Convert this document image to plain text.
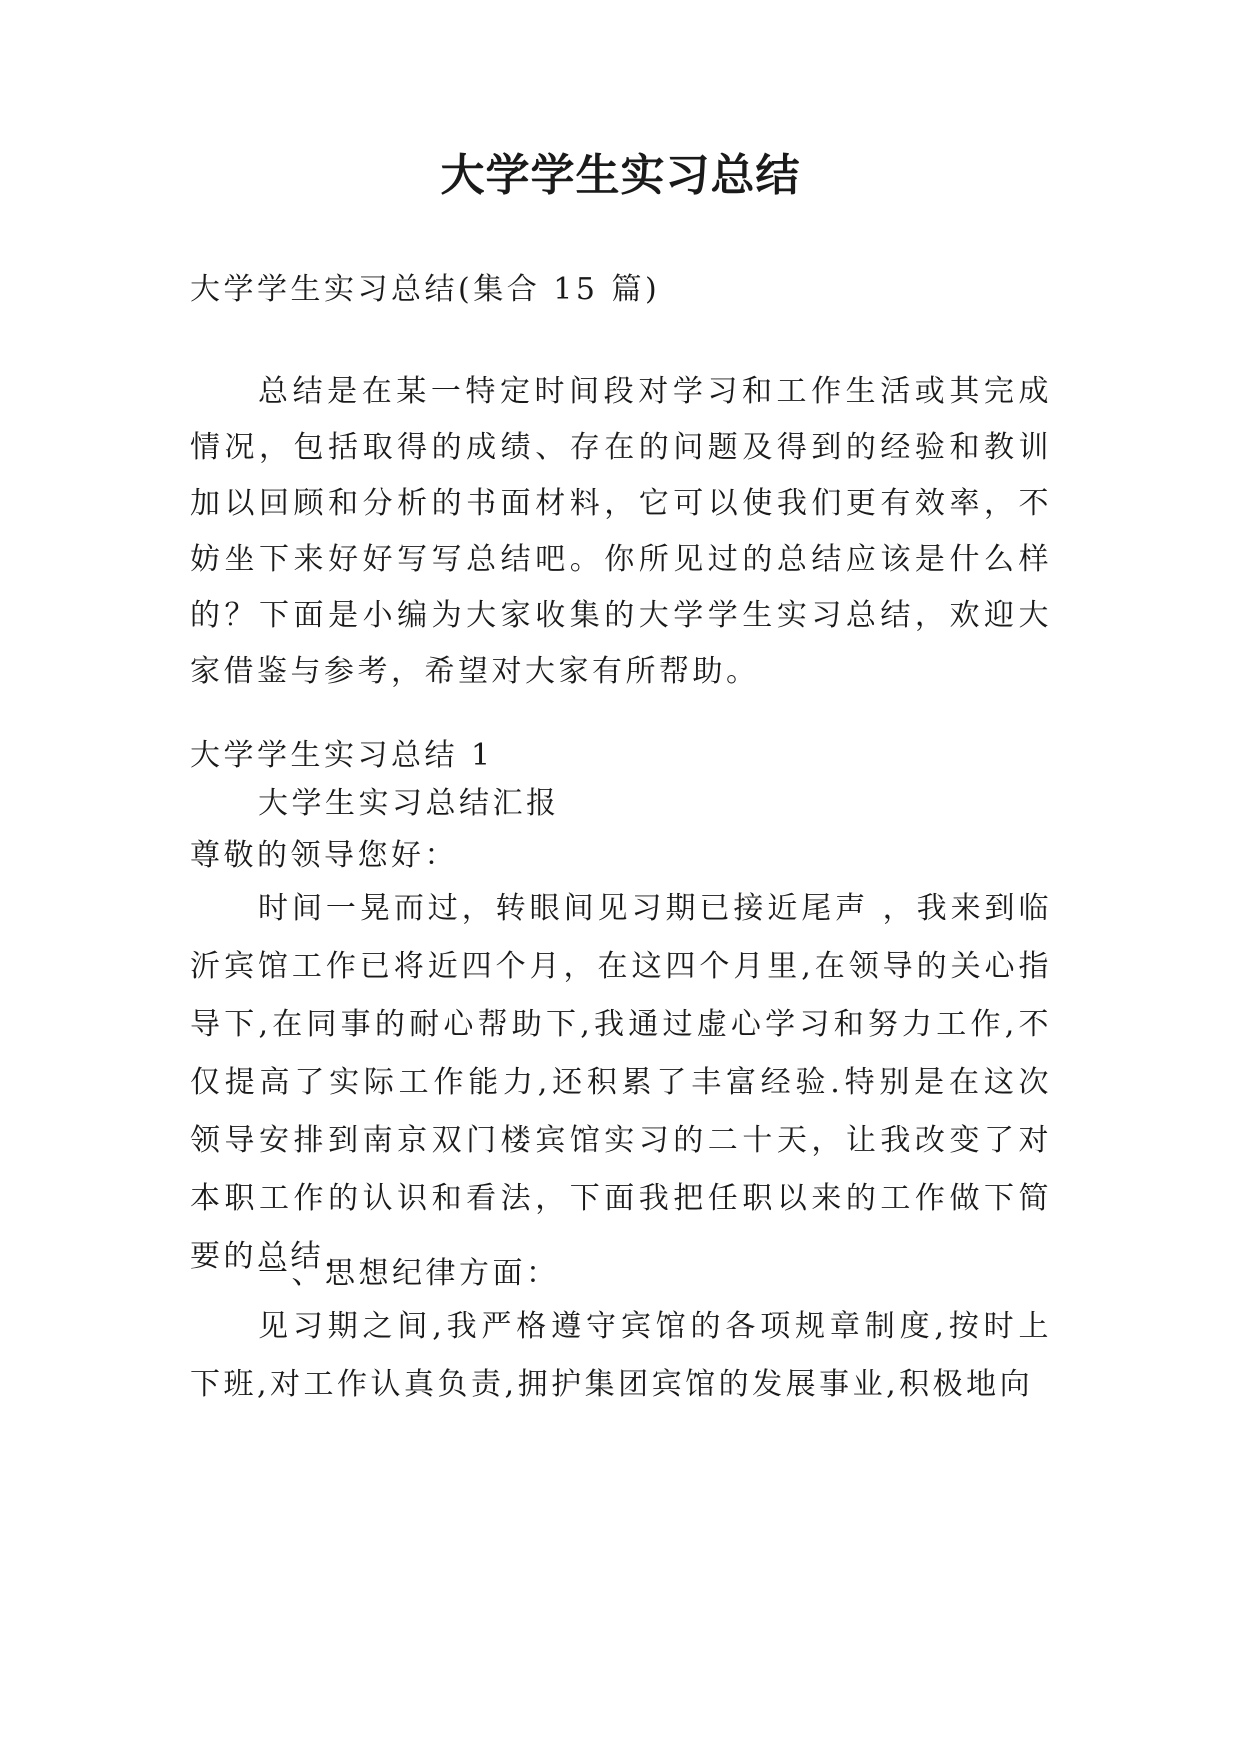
大学学生实习总结

大学学生实习总结(集合 15 篇)

总结是在某一特定时间段对学习和工作生活或其完成情况，包括取得的成绩、存在的问题及得到的经验和教训加以回顾和分析的书面材料，它可以使我们更有效率，不妨坐下来好好写写总结吧。你所见过的总结应该是什么样的？下面是小编为大家收集的大学学生实习总结，欢迎大家借鉴与参考，希望对大家有所帮助。

大学学生实习总结 1

大学生实习总结汇报

尊敬的领导您好：

时间一晃而过，转眼间见习期已接近尾声 ，我来到临沂宾馆工作已将近四个月，在这四个月里,在领导的关心指导下,在同事的耐心帮助下,我通过虚心学习和努力工作,不仅提高了实际工作能力,还积累了丰富经验.特别是在这次领导安排到南京双门楼宾馆实习的二十天，让我改变了对本职工作的认识和看法，下面我把任职以来的工作做下简要的总结.

一、思想纪律方面：

见习期之间,我严格遵守宾馆的各项规章制度,按时上下班,对工作认真负责,拥护集团宾馆的发展事业,积极地向
